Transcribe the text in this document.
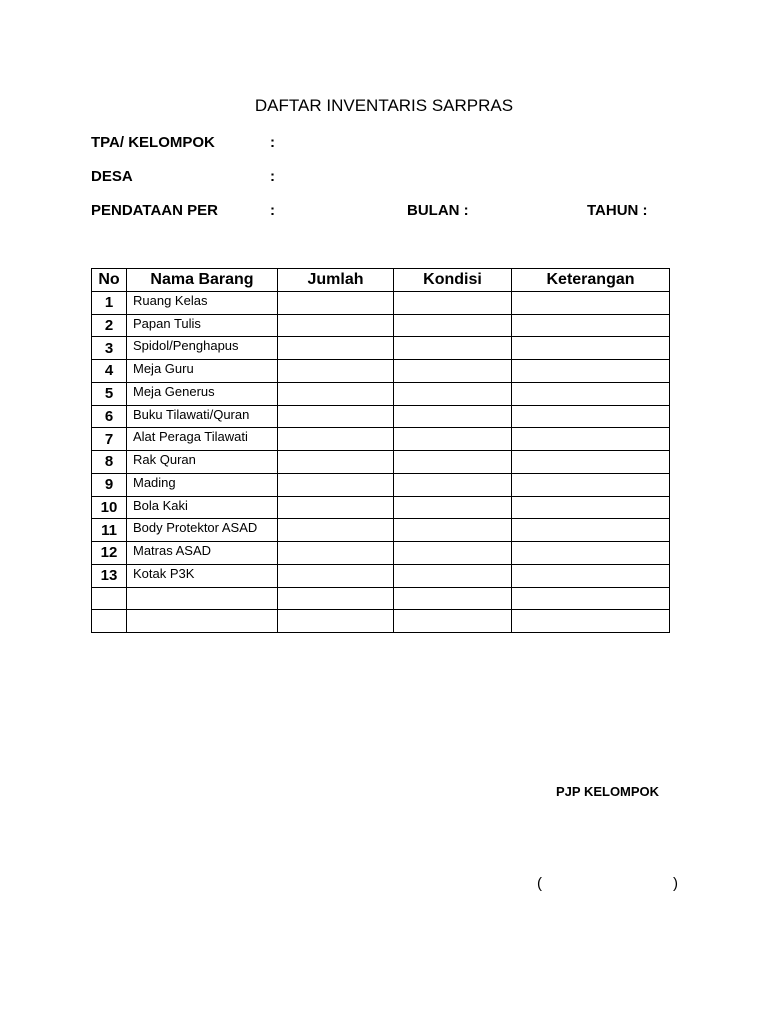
DAFTAR INVENTARIS SARPRAS
TPA/ KELOMPOK	:
DESA	:
PENDATAAN PER	:	BULAN :	TAHUN :
No	Nama Barang	Jumlah	Kondisi	Keterangan
1	Ruang Kelas			
2	Papan Tulis			
3	Spidol/Penghapus			
4	Meja Guru			
5	Meja Generus			
6	Buku Tilawati/Quran			
7	Alat Peraga Tilawati			
8	Rak Quran			
9	Mading			
10	Bola Kaki			
11	Body Protektor ASAD			
12	Matras ASAD			
13	Kotak P3K			

PJP KELOMPOK
(	)
